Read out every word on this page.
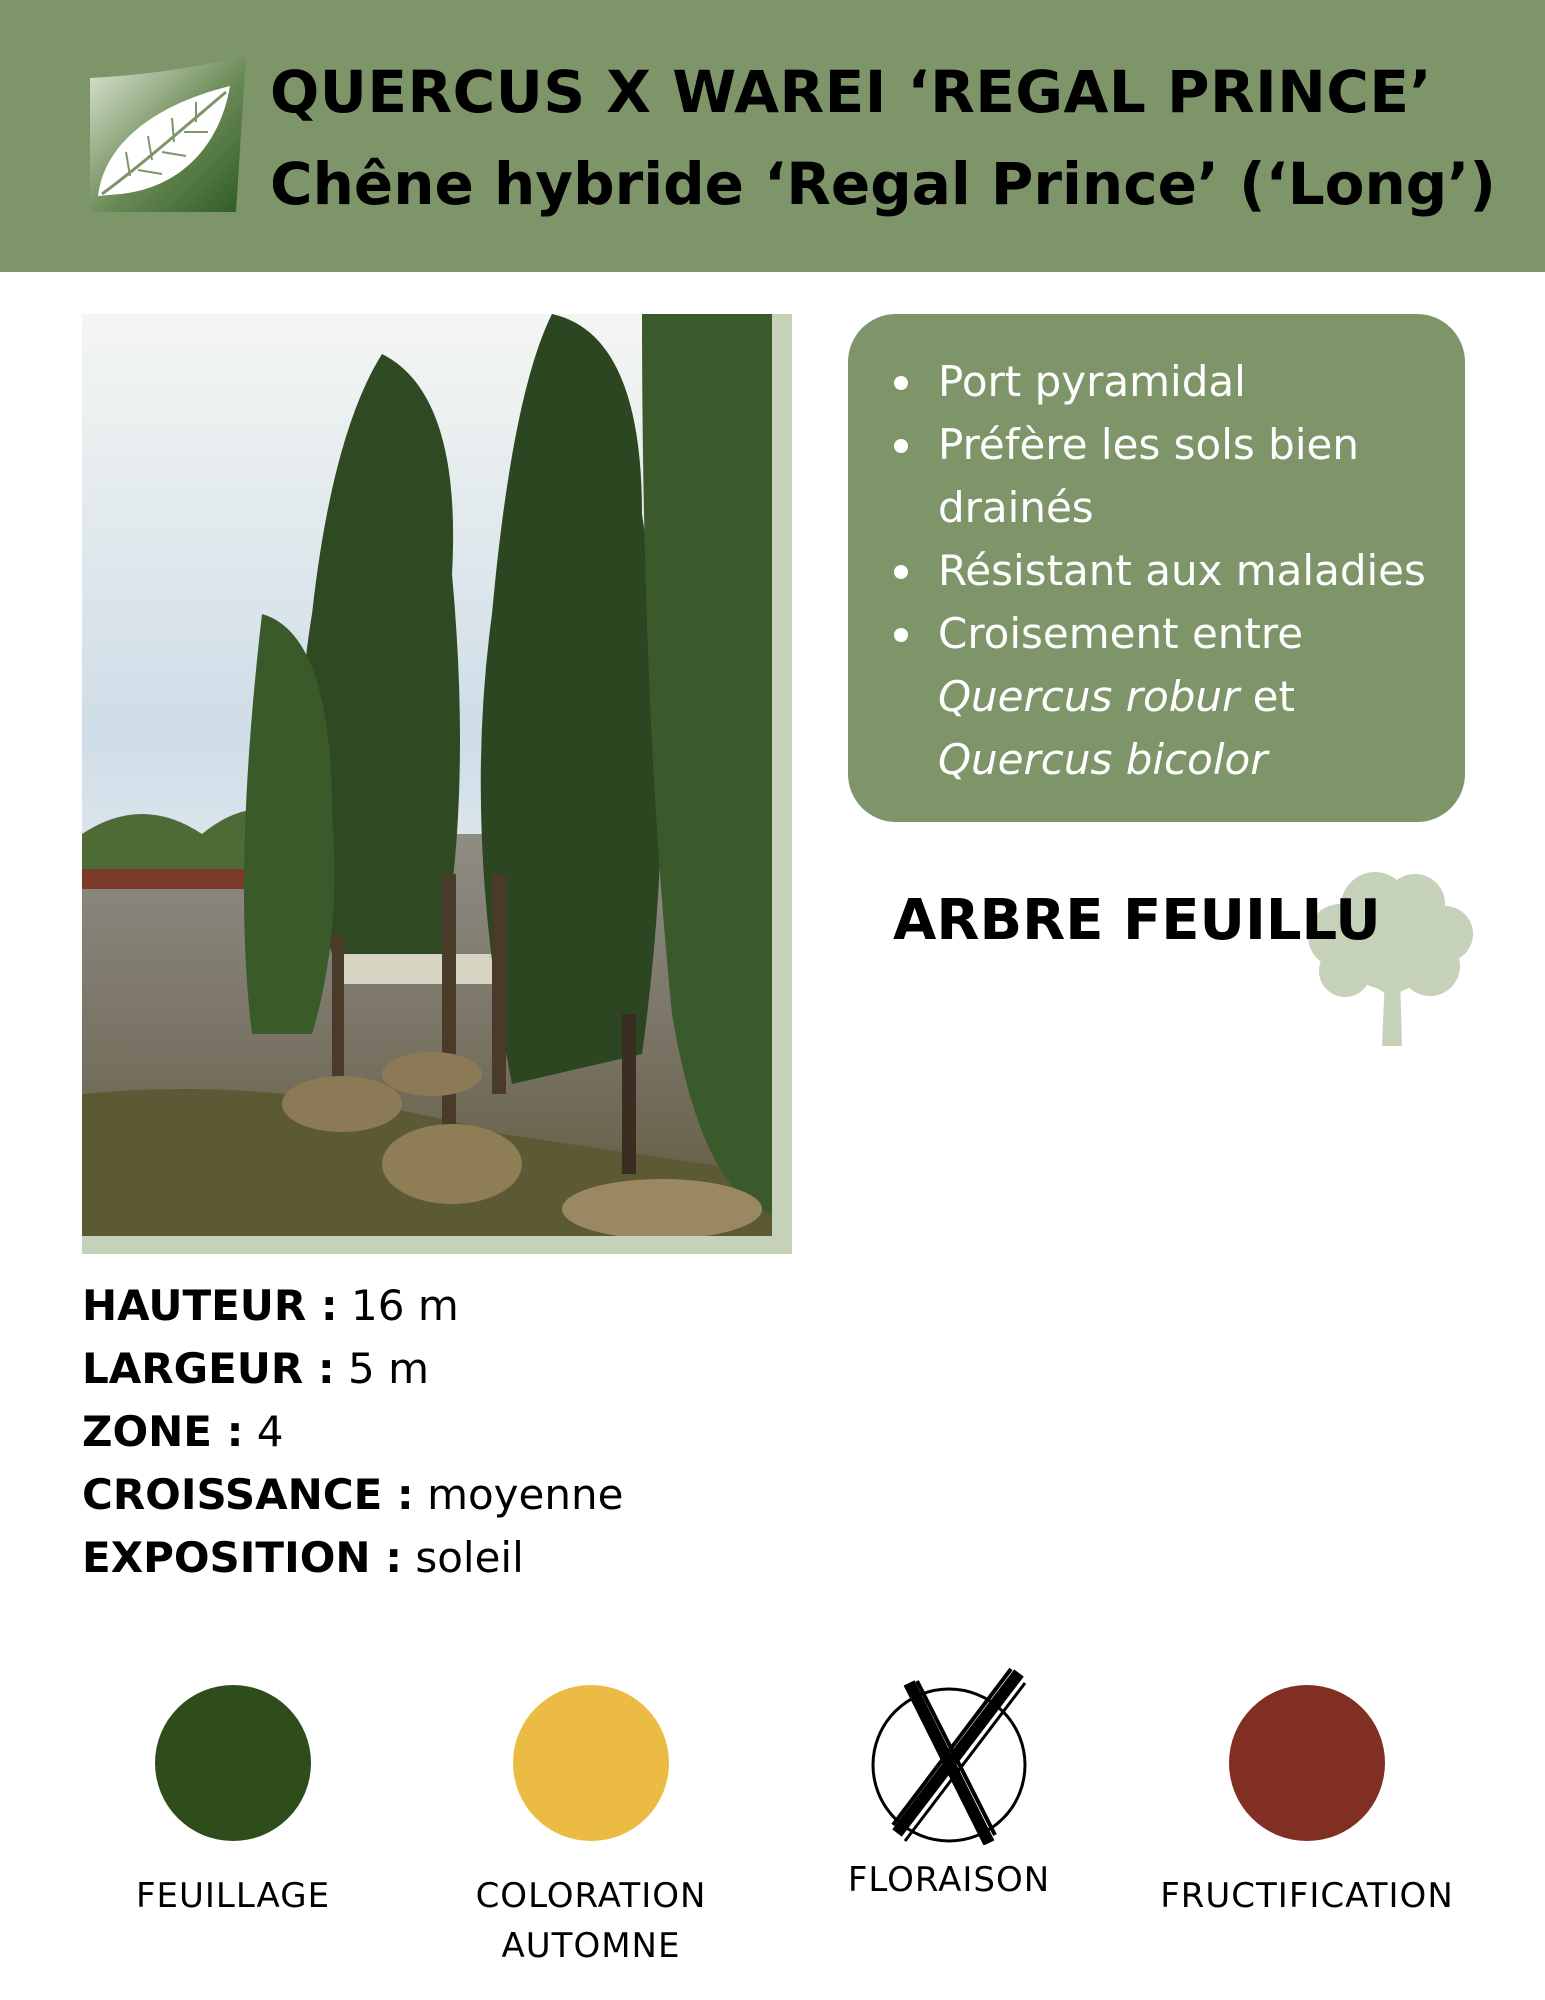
QUERCUS X WAREI ‘REGAL PRINCE’
Chêne hybride ‘Regal Prince’ (‘Long’)
Port pyramidal
Préfère les sols bien drainés
Résistant aux maladies
Croisement entre Quercus robur et Quercus bicolor
ARBRE FEUILLU
HAUTEUR : 16 m
LARGEUR : 5 m
ZONE : 4
CROISSANCE : moyenne
EXPOSITION : soleil
FEUILLAGE	COLORATION
AUTOMNE
FLORAISON	FRUCTIFICATION
